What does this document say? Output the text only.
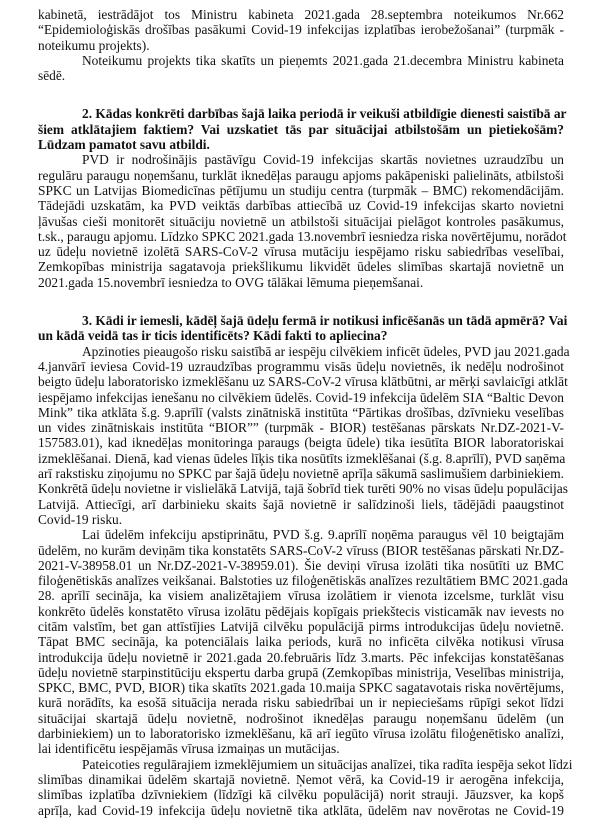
kabinetā, iestrādājot tos Ministru kabineta 2021.gada 28.septembra noteikumos Nr.662
“Epidemioloģiskās drošības pasākumi Covid-19 infekcijas izplatības ierobežošanai” (turpmāk -
noteikumu projekts).
Noteikumu projekts tika skatīts un pieņemts 2021.gada 21.decembra Ministru kabineta
sēdē.
2. Kādas konkrēti darbības šajā laika periodā ir veikuši atbildīgie dienesti saistībā ar
šiem atklātajiem faktiem? Vai uzskatiet tās par situācijai atbilstošām un pietiekošām?
Lūdzam pamatot savu atbildi.
PVD ir nodrošinājis pastāvīgu Covid-19 infekcijas skartās novietnes uzraudzību un
regulāru paraugu noņemšanu, turklāt iknedēļas paraugu apjoms pakāpeniski palielināts, atbilstoši
SPKC un Latvijas Biomedicīnas pētījumu un studiju centra (turpmāk – BMC) rekomendācijām.
Tādejādi uzskatām, ka PVD veiktās darbības attiecībā uz Covid-19 infekcijas skarto novietni
ļāvušas cieši monitorēt situāciju novietnē un atbilstoši situācijai pielāgot kontroles pasākumus,
t.sk., paraugu apjomu. Līdzko SPKC 2021.gada 13.novembrī iesniedza riska novērtējumu, norādot
uz ūdeļu novietnē izolētā SARS-CoV-2 vīrusa mutāciju iespējamo risku sabiedrības veselībai,
Zemkopības ministrija sagatavoja priekšlikumu likvidēt ūdeles slimības skartajā novietnē un
2021.gada 15.novembrī iesniedza to OVG tālākai lēmuma pieņemšanai.
3. Kādi ir iemesli, kādēļ šajā ūdeļu fermā ir notikusi inficēšanās un tādā apmērā? Vai
un kādā veidā tas ir ticis identificēts? Kādi fakti to apliecina?
Apzinoties pieaugošo risku saistībā ar iespēju cilvēkiem inficēt ūdeles, PVD jau 2021.gada
4.janvārī ieviesa Covid-19 uzraudzības programmu visās ūdeļu novietnēs, ik nedēļu nodrošinot
beigto ūdeļu laboratorisko izmeklēšanu uz SARS-CoV-2 vīrusa klātbūtni, ar mērķi savlaicīgi atklāt
iespējamo infekcijas ienešanu no cilvēkiem ūdelēs. Covid-19 infekcija ūdelēm SIA “Baltic Devon
Mink” tika atklāta š.g. 9.aprīlī (valsts zinātniskā institūta “Pārtikas drošības, dzīvnieku veselības
un vides zinātniskais institūta “BIOR”” (turpmāk - BIOR) testēšanas pārskats Nr.DZ-2021-V-
157583.01), kad iknedēļas monitoringa paraugs (beigta ūdele) tika iesūtīta BIOR laboratoriskai
izmeklēšanai. Dienā, kad vienas ūdeles līķis tika nosūtīts izmeklēšanai (š.g. 8.aprīlī), PVD saņēma
arī rakstisku ziņojumu no SPKC par šajā ūdeļu novietnē aprīļa sākumā saslimušiem darbiniekiem.
Konkrētā ūdeļu novietne ir vislielākā Latvijā, tajā šobrīd tiek turēti 90% no visas ūdeļu populācijas
Latvijā. Attiecīgi, arī darbinieku skaits šajā novietnē ir salīdzinoši liels, tādējādi paaugstinot
Covid-19 risku.
Lai ūdelēm infekciju apstiprinātu, PVD š.g. 9.aprīlī noņēma paraugus vēl 10 beigtajām
ūdelēm, no kurām deviņām tika konstatēts SARS-CoV-2 vīruss (BIOR testēšanas pārskati Nr.DZ-
2021-V-38958.01 un Nr.DZ-2021-V-38959.01). Šie deviņi vīrusa izolāti tika nosūtīti uz BMC
filoģenētiskās analīzes veikšanai. Balstoties uz filoģenētiskās analīzes rezultātiem BMC 2021.gada
28. aprīlī secināja, ka visiem analizētajiem vīrusa izolātiem ir vienota izcelsme, turklāt visu
konkrēto ūdelēs konstatēto vīrusa izolātu pēdējais kopīgais priekštecis visticamāk nav ievests no
citām valstīm, bet gan attīstījies Latvijā cilvēku populācijā pirms introdukcijas ūdeļu novietnē.
Tāpat BMC secināja, ka potenciālais laika periods, kurā no inficēta cilvēka notikusi vīrusa
introdukcija ūdeļu novietnē ir 2021.gada 20.februāris līdz 3.marts. Pēc infekcijas konstatēšanas
ūdeļu novietnē starpinstitūciju ekspertu darba grupā (Zemkopības ministrija, Veselības ministrija,
SPKC, BMC, PVD, BIOR) tika skatīts 2021.gada 10.maija SPKC sagatavotais riska novērtējums,
kurā norādīts, ka esošā situācija nerada risku sabiedrībai un ir nepieciešams rūpīgi sekot līdzi
situācijai skartajā ūdeļu novietnē, nodrošinot iknedēļas paraugu noņemšanu ūdelēm (un
darbiniekiem) un to laboratorisko izmeklēšanu, kā arī iegūto vīrusa izolātu filoģenētisko analīzi,
lai identificētu iespējamās vīrusa izmaiņas un mutācijas.
Pateicoties regulārajiem izmeklējumiem un situācijas analīzei, tika radīta iespēja sekot līdzi
slimības dinamikai ūdelēm skartajā novietnē. Ņemot vērā, ka Covid-19 ir aerogēna infekcija,
slimības izplatība dzīvniekiem (līdzīgi kā cilvēku populācijā) norit strauji. Jāuzsver, ka kopš
aprīļa, kad Covid-19 infekcija ūdeļu novietnē tika atklāta, ūdelēm nav novērotas ne Covid-19
